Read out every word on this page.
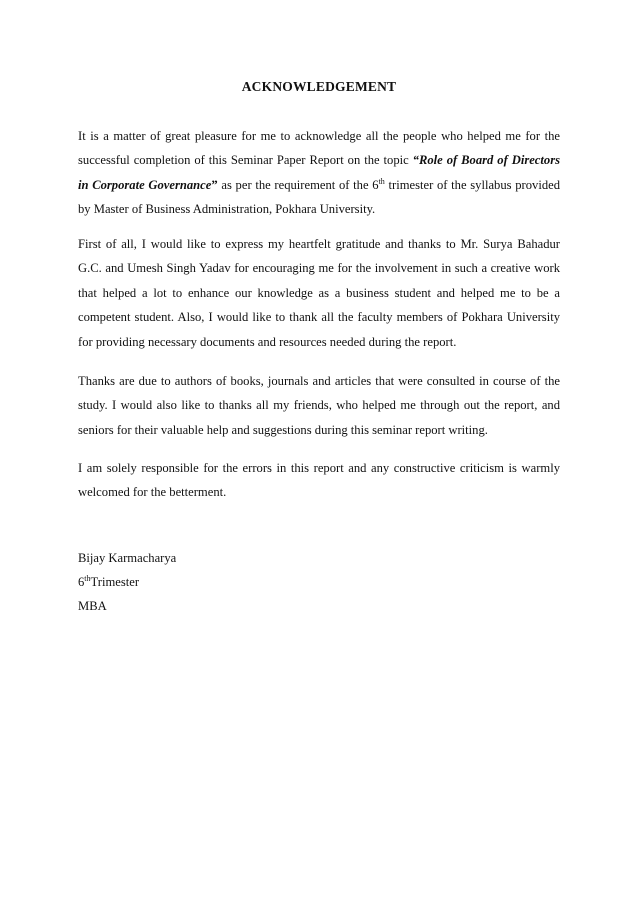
ACKNOWLEDGEMENT

It is a matter of great pleasure for me to acknowledge all the people who helped me for the successful completion of this Seminar Paper Report on the topic “Role of Board of Directors in Corporate Governance” as per the requirement of the 6th trimester of the syllabus provided by Master of Business Administration, Pokhara University.

First of all, I would like to express my heartfelt gratitude and thanks to Mr. Surya Bahadur G.C. and Umesh Singh Yadav for encouraging me for the involvement in such a creative work that helped a lot to enhance our knowledge as a business student and helped me to be a competent student. Also, I would like to thank all the faculty members of Pokhara University for providing necessary documents and resources needed during the report.

Thanks are due to authors of books, journals and articles that were consulted in course of the study. I would also like to thanks all my friends, who helped me through out the report, and seniors for their valuable help and suggestions during this seminar report writing.

I am solely responsible for the errors in this report and any constructive criticism is warmly welcomed for the betterment.

Bijay Karmacharya
6thTrimester
MBA
